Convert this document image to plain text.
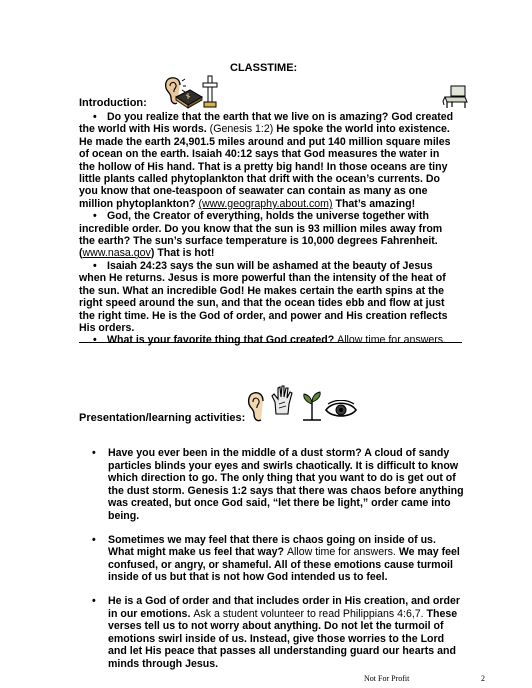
CLASSTIME:
Introduction:

• Do you realize that the earth that we live on is amazing? God created the world with His words. (Genesis 1:2) He spoke the world into existence. He made the earth 24,901.5 miles around and put 140 million square miles of ocean on the earth. Isaiah 40:12 says that God measures the water in the hollow of His hand. That is a pretty big hand! In those oceans are tiny little plants called phytoplankton that drift with the ocean’s currents. Do you know that one-teaspoon of seawater can contain as many as one million phytoplankton? (www.geography.about.com) That’s amazing!

• God, the Creator of everything, holds the universe together with incredible order. Do you know that the sun is 93 million miles away from the earth? The sun’s surface temperature is 10,000 degrees Fahrenheit. (www.nasa.gov) That is hot!

• Isaiah 24:23 says the sun will be ashamed at the beauty of Jesus when He returns. Jesus is more powerful than the intensity of the heat of the sun. What an incredible God! He makes certain the earth spins at the right speed around the sun, and that the ocean tides ebb and flow at just the right time. He is the God of order, and power and His creation reflects His orders.

• What is your favorite thing that God created? Allow time for answers.

Presentation/learning activities:
• Have you ever been in the middle of a dust storm? A cloud of sandy particles blinds your eyes and swirls chaotically. It is difficult to know which direction to go. The only thing that you want to do is get out of the dust storm. Genesis 1:2 says that there was chaos before anything was created, but once God said, “let there be light,” order came into being.
• Sometimes we may feel that there is chaos going on inside of us. What might make us feel that way? Allow time for answers. We may feel confused, or angry, or shameful. All of these emotions cause turmoil inside of us but that is not how God intended us to feel.
• He is a God of order and that includes order in His creation, and order in our emotions. Ask a student volunteer to read Philippians 4:6,7. These verses tell us to not worry about anything. Do not let the turmoil of emotions swirl inside of us. Instead, give those worries to the Lord and let His peace that passes all understanding guard our hearts and minds through Jesus.
Not For Profit	2
